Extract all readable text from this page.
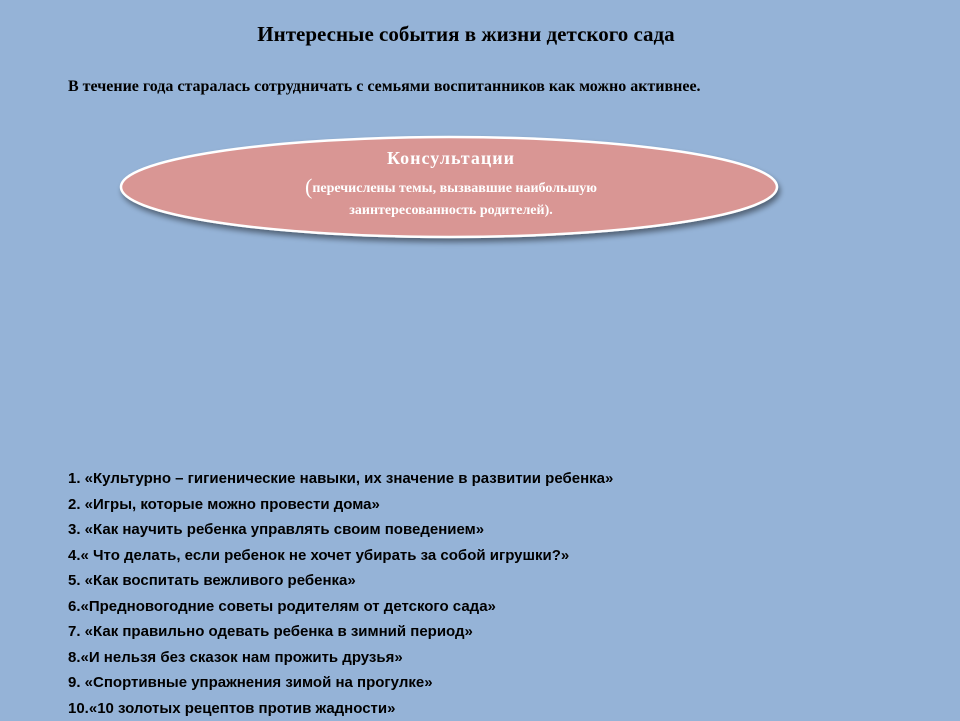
Интересные события в жизни детского сада
В течение года старалась сотрудничать с семьями воспитанников как можно активнее.
Консультации
(перечислены темы, вызвавшие наибольшую заинтересованность родителей).
1. «Культурно – гигиенические навыки, их значение в развитии ребенка»
2. «Игры, которые можно провести дома»
3. «Как научить ребенка управлять своим поведением»
4.« Что делать, если ребенок не хочет убирать за собой игрушки?»
5. «Как воспитать вежливого ребенка»
6.«Предновогодние советы родителям от детского сада»
7. «Как правильно одевать ребенка в зимний период»
8.«И нельзя без сказок нам прожить друзья»
9. «Спортивные упражнения зимой на прогулке»
10.«10 золотых рецептов против жадности»
